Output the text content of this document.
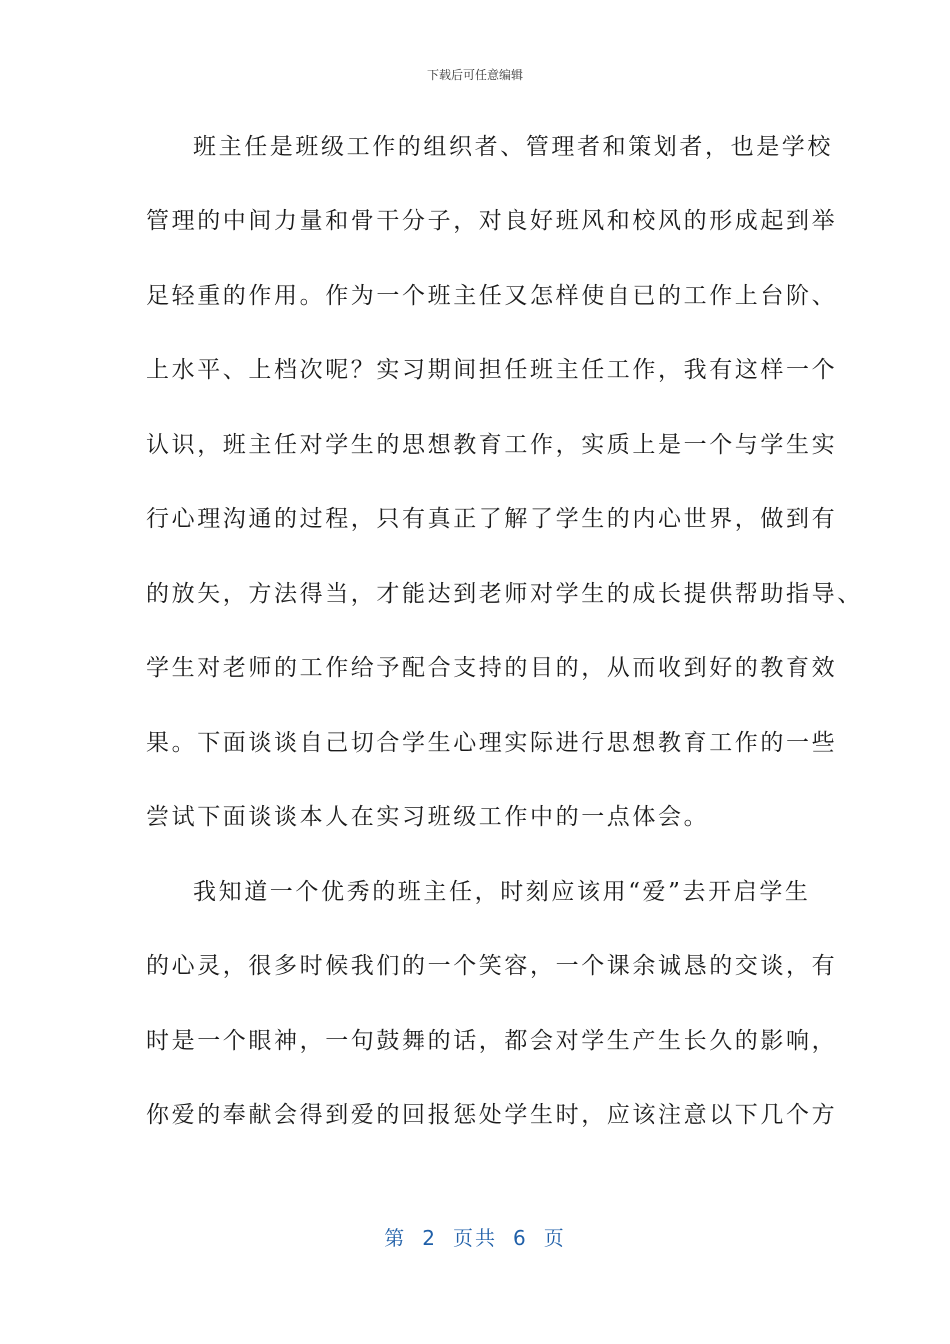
下载后可任意编辑
班主任是班级工作的组织者、管理者和策划者，也是学校
管理的中间力量和骨干分子，对良好班风和校风的形成起到举
足轻重的作用。作为一个班主任又怎样使自已的工作上台阶、
上水平、上档次呢？实习期间担任班主任工作，我有这样一个
认识，班主任对学生的思想教育工作，实质上是一个与学生实
行心理沟通的过程，只有真正了解了学生的内心世界，做到有
的放矢，方法得当，才能达到老师对学生的成长提供帮助指导、
学生对老师的工作给予配合支持的目的，从而收到好的教育效
果。下面谈谈自己切合学生心理实际进行思想教育工作的一些
尝试下面谈谈本人在实习班级工作中的一点体会。
我知道一个优秀的班主任，时刻应该用“爱”去开启学生
的心灵，很多时候我们的一个笑容，一个课余诚恳的交谈，有
时是一个眼神，一句鼓舞的话，都会对学生产生长久的影响，
你爱的奉献会得到爱的回报惩处学生时，应该注意以下几个方
第 2 页共 6 页
